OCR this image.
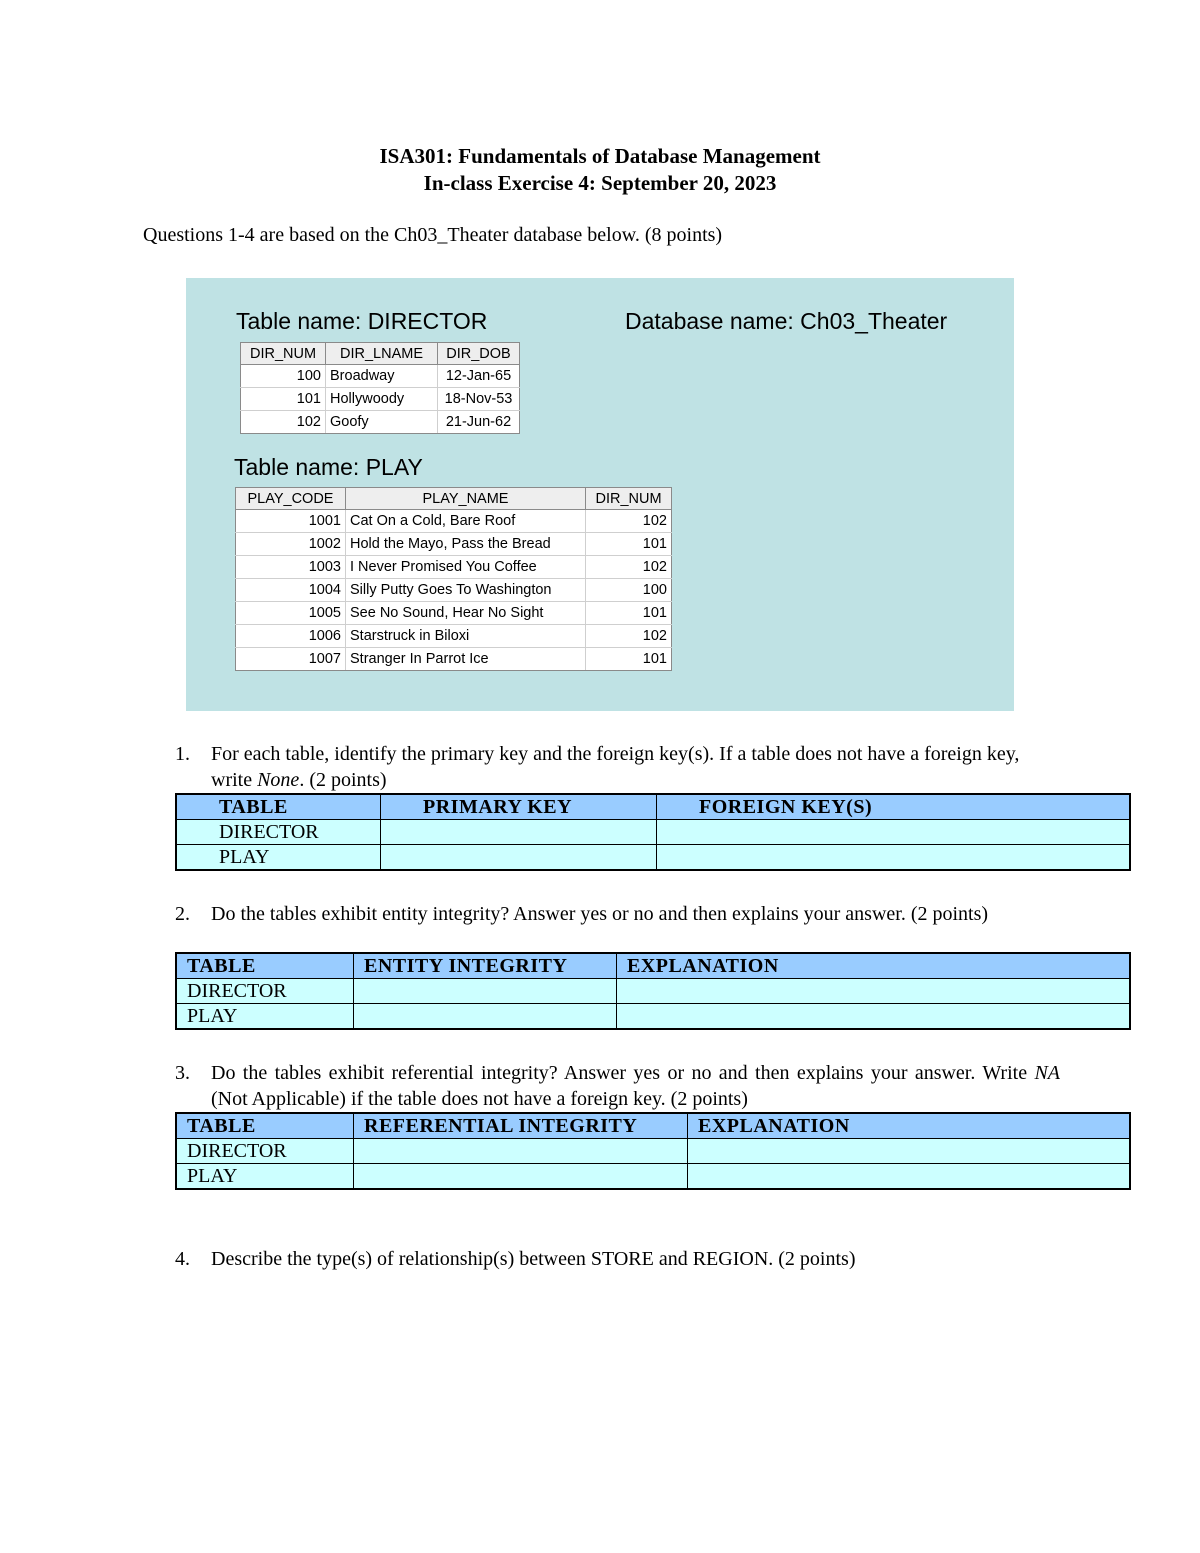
ISA301: Fundamentals of Database Management
In-class Exercise 4: September 20, 2023
Questions 1-4 are based on the Ch03_Theater database below. (8 points)
Table name: DIRECTOR	Database name: Ch03_Theater
DIR_NUM	DIR_LNAME	DIR_DOB
100	Broadway	12-Jan-65
101	Hollywoody	18-Nov-53
102	Goofy	21-Jun-62
Table name: PLAY
PLAY_CODE	PLAY_NAME	DIR_NUM
1001	Cat On a Cold, Bare Roof	102
1002	Hold the Mayo, Pass the Bread	101
1003	I Never Promised You Coffee	102
1004	Silly Putty Goes To Washington	100
1005	See No Sound, Hear No Sight	101
1006	Starstruck in Biloxi	102
1007	Stranger In Parrot Ice	101
1. For each table, identify the primary key and the foreign key(s). If a table does not have a foreign key, write None. (2 points)
TABLE	PRIMARY KEY	FOREIGN KEY(S)
DIRECTOR		
PLAY		
2. Do the tables exhibit entity integrity? Answer yes or no and then explains your answer. (2 points)
TABLE	ENTITY INTEGRITY	EXPLANATION
DIRECTOR		
PLAY		
3. Do the tables exhibit referential integrity? Answer yes or no and then explains your answer. Write NA (Not Applicable) if the table does not have a foreign key. (2 points)
TABLE	REFERENTIAL INTEGRITY	EXPLANATION
DIRECTOR		
PLAY		
4. Describe the type(s) of relationship(s) between STORE and REGION. (2 points)
